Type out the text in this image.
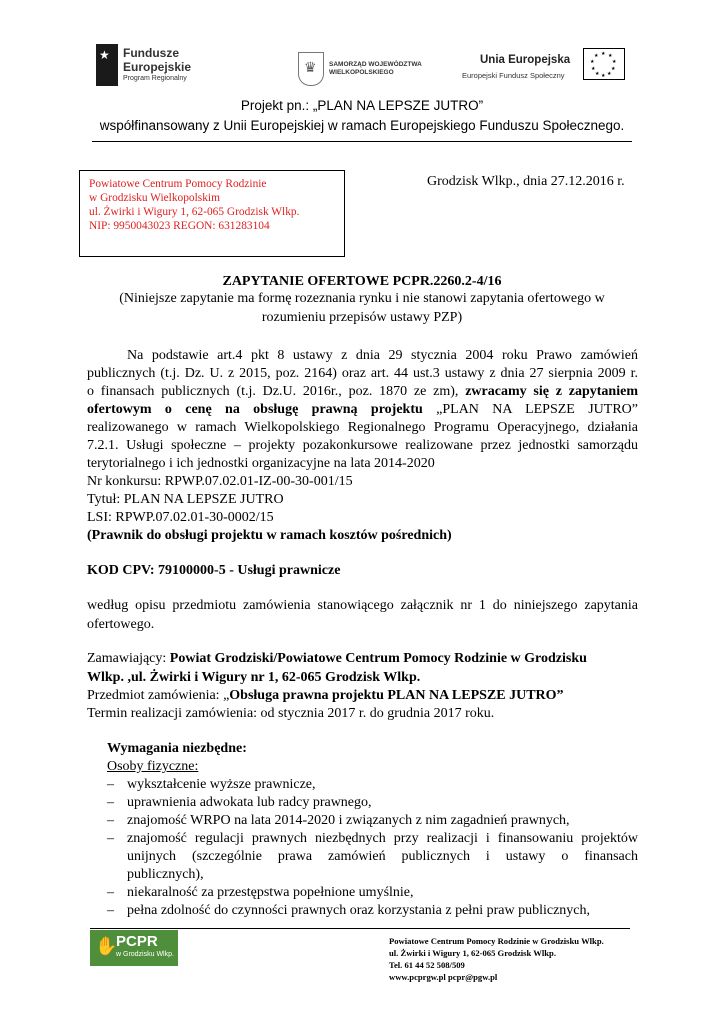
★ Fundusze
Europejskie
Program Regionalny
♛ SAMORZĄD WOJEWÓDZTWA
WIELKOPOLSKIEGO
Unia Europejska
Europejski Fundusz Społeczny
★ ★
★
★
★
★
★
★
★
★
Projekt pn.: „PLAN NA LEPSZE JUTRO”
współfinansowany z Unii Europejskiej w ramach Europejskiego Funduszu Społecznego.
Powiatowe Centrum Pomocy Rodzinie
w Grodzisku Wielkopolskim
ul. Żwirki i Wigury 1, 62-065 Grodzisk Wlkp.
NIP: 9950043023 REGON: 631283104
Grodzisk Wlkp., dnia 27.12.2016 r.
ZAPYTANIE OFERTOWE PCPR.2260.2-4/16
(Niniejsze zapytanie ma formę rozeznania rynku i nie stanowi zapytania ofertowego w
rozumieniu przepisów ustawy PZP)
Na podstawie art.4 pkt 8 ustawy z dnia 29 stycznia 2004 roku Prawo zamówień
publicznych (t.j. Dz. U. z 2015, poz. 2164) oraz art. 44 ust.3 ustawy z dnia 27 sierpnia 2009 r.
o finansach publicznych (t.j. Dz.U. 2016r., poz. 1870 ze zm), zwracamy się z zapytaniem
ofertowym o cenę na obsługę prawną projektu „PLAN NA LEPSZE JUTRO”
realizowanego w ramach Wielkopolskiego Regionalnego Programu Operacyjnego, działania
7.2.1. Usługi społeczne – projekty pozakonkursowe realizowane przez jednostki samorządu
terytorialnego i ich jednostki organizacyjne na lata 2014-2020
Nr konkursu: RPWP.07.02.01-IZ-00-30-001/15
Tytuł: PLAN NA LEPSZE JUTRO
LSI: RPWP.07.02.01-30-0002/15
(Prawnik do obsługi projektu w ramach kosztów pośrednich)
KOD CPV: 79100000-5 - Usługi prawnicze
według opisu przedmiotu zamówienia stanowiącego załącznik nr 1 do niniejszego zapytania
ofertowego.
Zamawiający: Powiat Grodziski/Powiatowe Centrum Pomocy Rodzinie w Grodzisku
Wlkp. ,ul. Żwirki i Wigury nr 1, 62-065 Grodzisk Wlkp.
Przedmiot zamówienia: „Obsługa prawna projektu PLAN NA LEPSZE JUTRO”
Termin realizacji zamówienia: od stycznia 2017 r. do grudnia 2017 roku.
Wymagania niezbędne:
Osoby fizyczne:
– wykształcenie wyższe prawnicze,
– uprawnienia adwokata lub radcy prawnego,
– znajomość WRPO na lata 2014-2020 i związanych z nim zagadnień prawnych,
– znajomość regulacji prawnych niezbędnych przy realizacji i finansowaniu projektów
unijnych (szczególnie prawa zamówień publicznych i ustawy o finansach
publicznych),
– niekaralność za przestępstwa popełnione umyślnie,
– pełna zdolność do czynności prawnych oraz korzystania z pełni praw publicznych,
✋
PCPR
w Grodzisku Wlkp.
Powiatowe Centrum Pomocy Rodzinie w Grodzisku Wlkp.
ul. Żwirki i Wigury 1, 62-065 Grodzisk Wlkp.
Tel. 61 44 52 508/509
www.pcprgw.pl pcpr@pgw.pl
